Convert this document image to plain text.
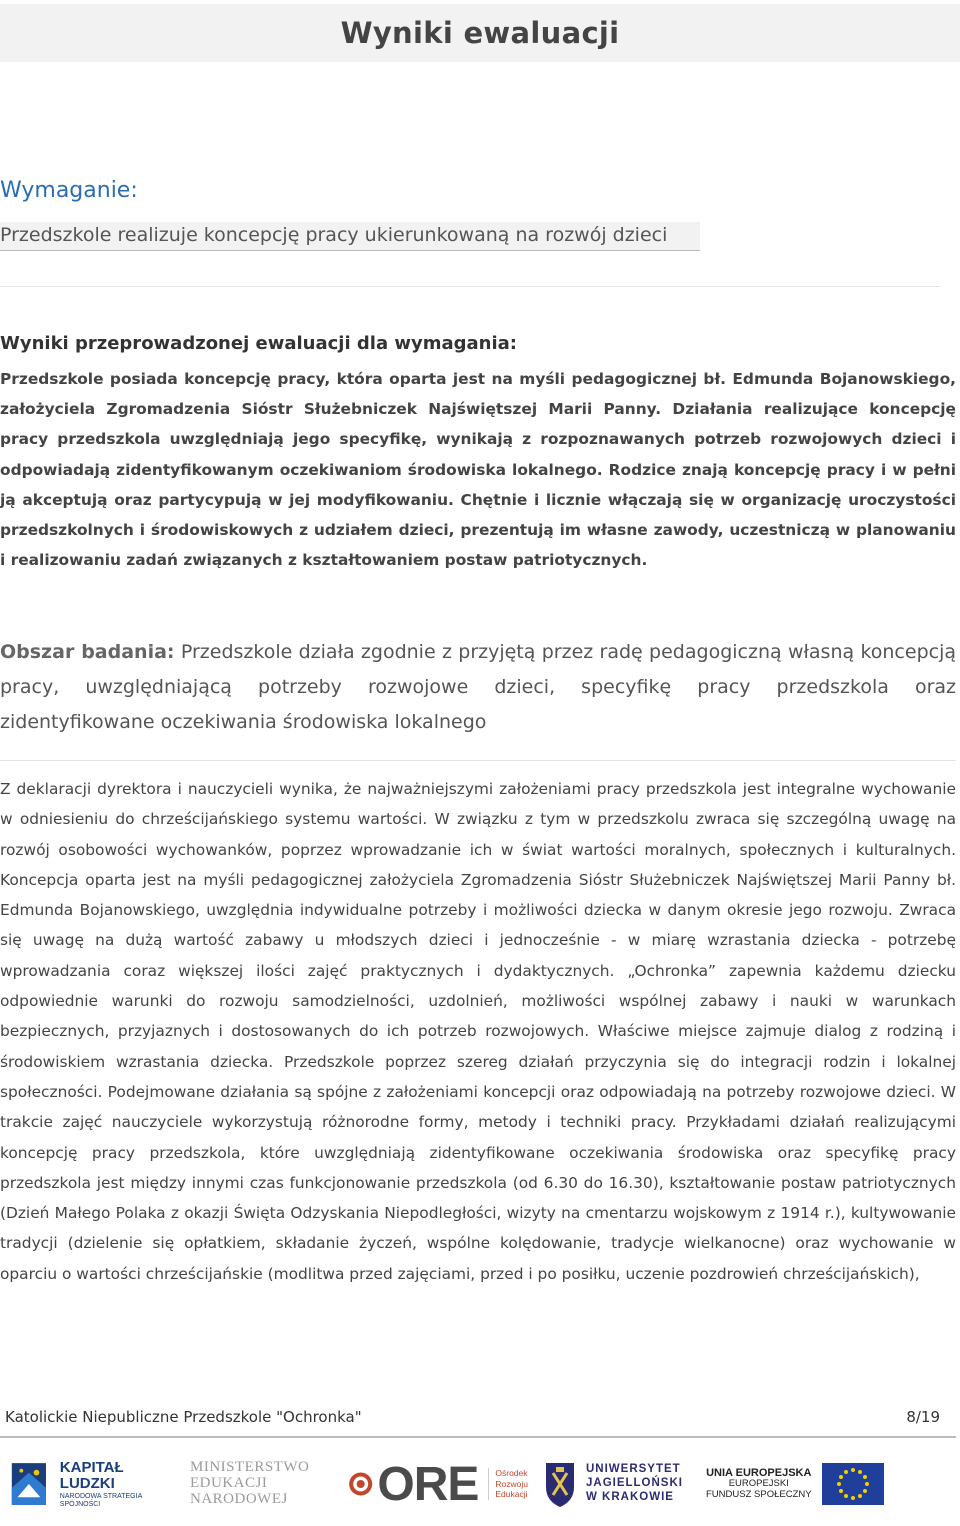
Wyniki ewaluacji
Wymaganie:
Przedszkole realizuje koncepcję pracy ukierunkowaną na rozwój dzieci
Wyniki przeprowadzonej ewaluacji dla wymagania:

Przedszkole posiada koncepcję pracy, która oparta jest na myśli pedagogicznej bł. Edmunda Bojanowskiego, założyciela Zgromadzenia Sióstr Służebniczek Najświętszej Marii Panny. Działania realizujące koncepcję pracy przedszkola uwzględniają jego specyfikę, wynikają z rozpoznawanych potrzeb rozwojowych dzieci i odpowiadają zidentyfikowanym oczekiwaniom środowiska lokalnego. Rodzice znają koncepcję pracy i w pełni ją akceptują oraz partycypują w jej modyfikowaniu. Chętnie i licznie włączają się w organizację uroczystości przedszkolnych i środowiskowych z udziałem dzieci, prezentują im własne zawody, uczestniczą w planowaniu i realizowaniu zadań związanych z kształtowaniem postaw patriotycznych.

Obszar badania: Przedszkole działa zgodnie z przyjętą przez radę pedagogiczną własną koncepcją pracy, uwzględniającą potrzeby rozwojowe dzieci, specyfikę pracy przedszkola oraz zidentyfikowane oczekiwania środowiska lokalnego

Z deklaracji dyrektora i nauczycieli wynika, że najważniejszymi założeniami pracy przedszkola jest integralne wychowanie w odniesieniu do chrześcijańskiego systemu wartości. W związku z tym w przedszkolu zwraca się szczególną uwagę na rozwój osobowości wychowanków, poprzez wprowadzanie ich w świat wartości moralnych, społecznych i kulturalnych. Koncepcja oparta jest na myśli pedagogicznej założyciela Zgromadzenia Sióstr Służebniczek Najświętszej Marii Panny bł. Edmunda Bojanowskiego, uwzględnia indywidualne potrzeby i możliwości dziecka w danym okresie jego rozwoju. Zwraca się uwagę na dużą wartość zabawy u młodszych dzieci i jednocześnie - w miarę wzrastania dziecka - potrzebę wprowadzania coraz większej ilości zajęć praktycznych i dydaktycznych. „Ochronka” zapewnia każdemu dziecku odpowiednie warunki do rozwoju samodzielności, uzdolnień, możliwości wspólnej zabawy i nauki w warunkach bezpiecznych, przyjaznych i dostosowanych do ich potrzeb rozwojowych. Właściwe miejsce zajmuje dialog z rodziną i środowiskiem wzrastania dziecka. Przedszkole poprzez szereg działań przyczynia się do integracji rodzin i lokalnej społeczności. Podejmowane działania są spójne z założeniami koncepcji oraz odpowiadają na potrzeby rozwojowe dzieci. W trakcie zajęć nauczyciele wykorzystują różnorodne formy, metody i techniki pracy. Przykładami działań realizującymi koncepcję pracy przedszkola, które uwzględniają zidentyfikowane oczekiwania środowiska oraz specyfikę pracy przedszkola jest między innymi czas funkcjonowanie przedszkola (od 6.30 do 16.30), kształtowanie postaw patriotycznych (Dzień Małego Polaka z okazji Święta Odzyskania Niepodległości, wizyty na cmentarzu wojskowym z 1914 r.), kultywowanie tradycji (dzielenie się opłatkiem, składanie życzeń, wspólne kolędowanie, tradycje wielkanocne) oraz wychowanie w oparciu o wartości chrześcijańskie (modlitwa przed zajęciami, przed i po posiłku, uczenie pozdrowień chrześcijańskich),

Katolickie Niepubliczne Przedszkole "Ochronka"	8/19
KAPITAŁ LUDZKI
NARODOWA STRATEGIA SPÓJNOŚCI
MINISTERSTWO
EDUKACJI
NARODOWEJ	ORE Ośrodek
Rozwoju
Edukacji
UNIWERSYTET
JAGIELLOŃSKI
W KRAKOWIE
UNIA EUROPEJSKA
EUROPEJSKI
FUNDUSZ SPOŁECZNY
